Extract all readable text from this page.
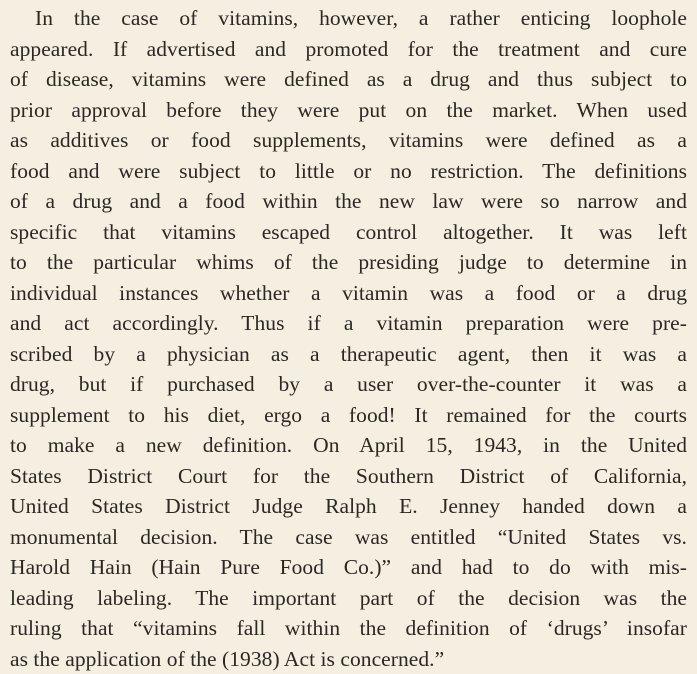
In the case of vitamins, however, a rather enticing loophole
appeared. If advertised and promoted for the treatment and cure
of disease, vitamins were defined as a drug and thus subject to
prior approval before they were put on the market. When used
as additives or food supplements, vitamins were defined as a
food and were subject to little or no restriction. The definitions
of a drug and a food within the new law were so narrow and
specific that vitamins escaped control altogether. It was left
to the particular whims of the presiding judge to determine in
individual instances whether a vitamin was a food or a drug
and act accordingly. Thus if a vitamin preparation were pre-
scribed by a physician as a therapeutic agent, then it was a
drug, but if purchased by a user over-the-counter it was a
supplement to his diet, ergo a food! It remained for the courts
to make a new definition. On April 15, 1943, in the United
States District Court for the Southern District of California,
United States District Judge Ralph E. Jenney handed down a
monumental decision. The case was entitled “United States vs.
Harold Hain (Hain Pure Food Co.)” and had to do with mis-
leading labeling. The important part of the decision was the
ruling that “vitamins fall within the definition of ‘drugs’ insofar
as the application of the (1938) Act is concerned.”
